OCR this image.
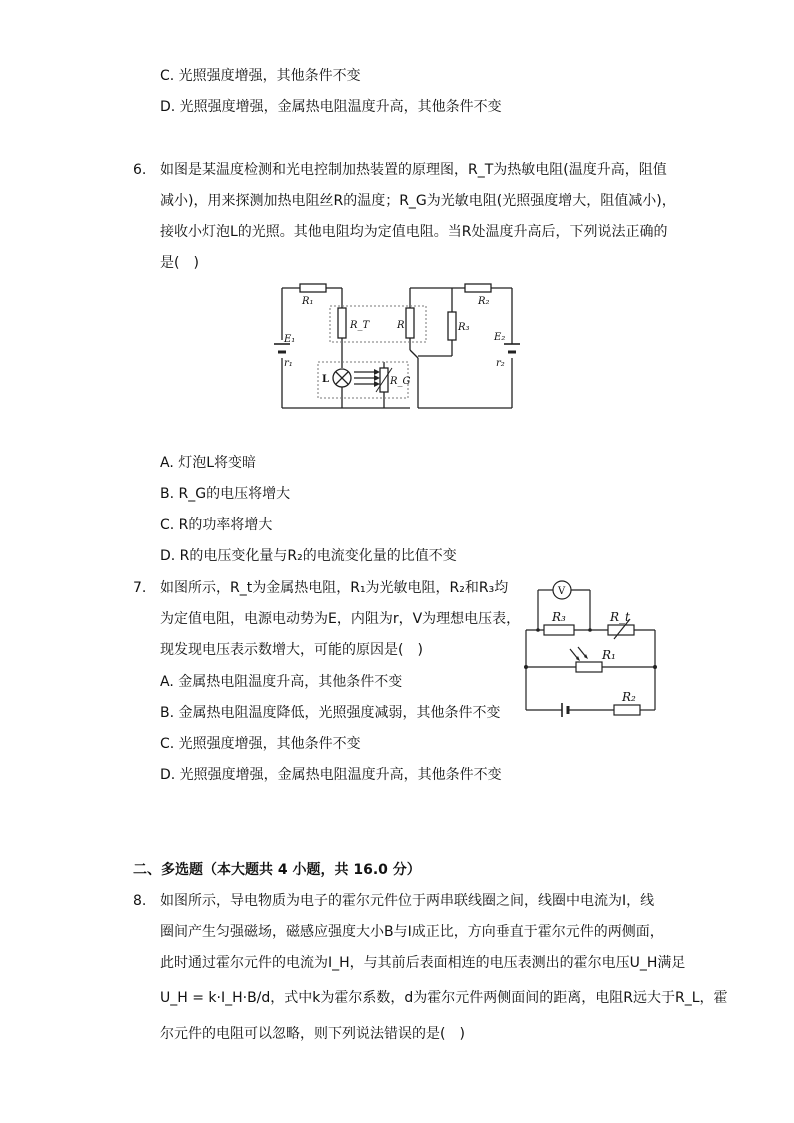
C. 光照强度增强，其他条件不变
D. 光照强度增强，金属热电阻温度升高，其他条件不变
6. 如图是某温度检测和光电控制加热装置的原理图，R_T为热敏电阻(温度升高，阻值
减小)，用来探测加热电阻丝R的温度；R_G为光敏电阻(光照强度增大，阻值减小)，
接收小灯泡L的光照。其他电阻均为定值电阻。当R处温度升高后，下列说法正确的
是(　)
R₁
R_T	R
R₂
R₃
E₁
r₁
E₂
r₂
L	R_G
A. 灯泡L将变暗
B. R_G的电压将增大
C. R的功率将增大
D. R的电压变化量与R₂的电流变化量的比值不变
7. 如图所示，R_t为金属热电阻，R₁为光敏电阻，R₂和R₃均
为定值电阻，电源电动势为E，内阻为r，V为理想电压表，
现发现电压表示数增大，可能的原因是(　)
A. 金属热电阻温度升高，其他条件不变
B. 金属热电阻温度降低，光照强度减弱，其他条件不变
C. 光照强度增强，其他条件不变
D. 光照强度增强，金属热电阻温度升高，其他条件不变
V
R₃	R_t
R₁
R₂
二、多选题（本大题共 4 小题，共 16.0 分）
8. 如图所示，导电物质为电子的霍尔元件位于两串联线圈之间，线圈中电流为I，线
圈间产生匀强磁场，磁感应强度大小B与I成正比，方向垂直于霍尔元件的两侧面，
此时通过霍尔元件的电流为I_H，与其前后表面相连的电压表测出的霍尔电压U_H满足
U_H = k·I_H·B/d，式中k为霍尔系数，d为霍尔元件两侧面间的距离，电阻R远大于R_L，霍
尔元件的电阻可以忽略，则下列说法错误的是(　)
